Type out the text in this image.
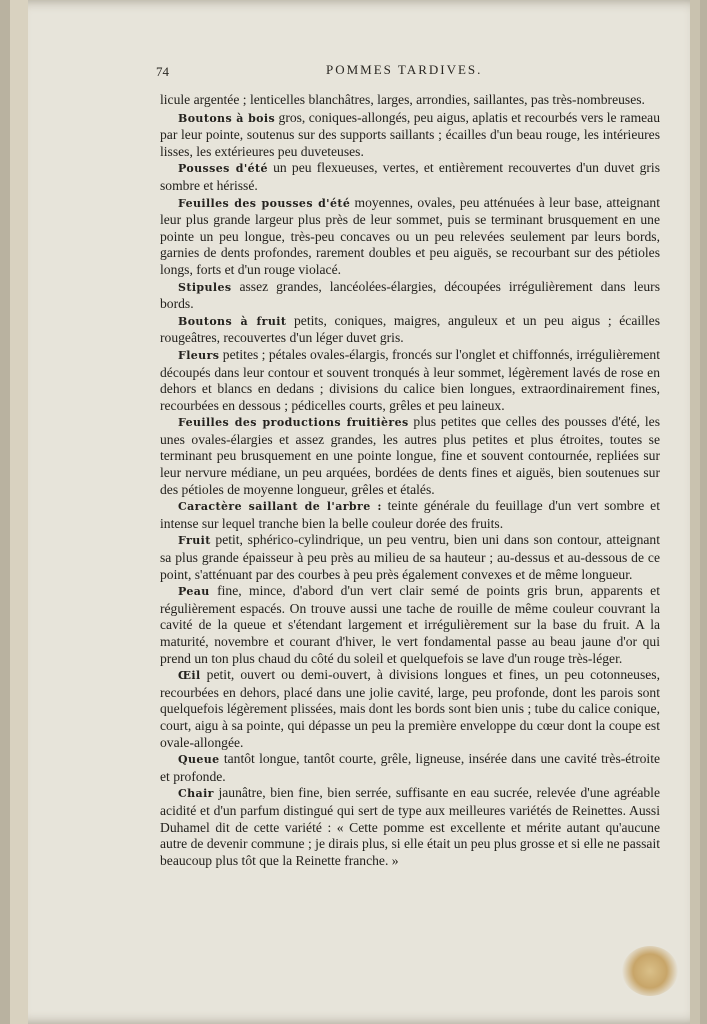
74	POMMES TARDIVES.

licule argentée ; lenticelles blanchâtres, larges, arrondies, saillantes, pas très-nombreuses.

Boutons à bois gros, coniques-allongés, peu aigus, aplatis et recourbés vers le rameau par leur pointe, soutenus sur des supports saillants ; écailles d'un beau rouge, les intérieures lisses, les extérieures peu duveteuses.

Pousses d'été un peu flexueuses, vertes, et entièrement recouvertes d'un duvet gris sombre et hérissé.

Feuilles des pousses d'été moyennes, ovales, peu atténuées à leur base, atteignant leur plus grande largeur plus près de leur sommet, puis se terminant brusquement en une pointe un peu longue, très-peu concaves ou un peu relevées seulement par leurs bords, garnies de dents profondes, rarement doubles et peu aiguës, se recourbant sur des pétioles longs, forts et d'un rouge violacé.

Stipules assez grandes, lancéolées-élargies, découpées irrégulièrement dans leurs bords.

Boutons à fruit petits, coniques, maigres, anguleux et un peu aigus ; écailles rougeâtres, recouvertes d'un léger duvet gris.

Fleurs petites ; pétales ovales-élargis, froncés sur l'onglet et chiffonnés, irrégulièrement découpés dans leur contour et souvent tronqués à leur sommet, légèrement lavés de rose en dehors et blancs en dedans ; divisions du calice bien longues, extraordinairement fines, recourbées en dessous ; pédicelles courts, grêles et peu laineux.

Feuilles des productions fruitières plus petites que celles des pousses d'été, les unes ovales-élargies et assez grandes, les autres plus petites et plus étroites, toutes se terminant peu brusquement en une pointe longue, fine et souvent contournée, repliées sur leur nervure médiane, un peu arquées, bordées de dents fines et aiguës, bien soutenues sur des pétioles de moyenne longueur, grêles et étalés.

Caractère saillant de l'arbre : teinte générale du feuillage d'un vert sombre et intense sur lequel tranche bien la belle couleur dorée des fruits.

Fruit petit, sphérico-cylindrique, un peu ventru, bien uni dans son contour, atteignant sa plus grande épaisseur à peu près au milieu de sa hauteur ; au-dessus et au-dessous de ce point, s'atténuant par des courbes à peu près également convexes et de même longueur.

Peau fine, mince, d'abord d'un vert clair semé de points gris brun, apparents et régulièrement espacés. On trouve aussi une tache de rouille de même couleur couvrant la cavité de la queue et s'étendant largement et irrégulièrement sur la base du fruit. A la maturité, novembre et courant d'hiver, le vert fondamental passe au beau jaune d'or qui prend un ton plus chaud du côté du soleil et quelquefois se lave d'un rouge très-léger.

Œil petit, ouvert ou demi-ouvert, à divisions longues et fines, un peu cotonneuses, recourbées en dehors, placé dans une jolie cavité, large, peu profonde, dont les parois sont quelquefois légèrement plissées, mais dont les bords sont bien unis ; tube du calice conique, court, aigu à sa pointe, qui dépasse un peu la première enveloppe du cœur dont la coupe est ovale-allongée.

Queue tantôt longue, tantôt courte, grêle, ligneuse, insérée dans une cavité très-étroite et profonde.

Chair jaunâtre, bien fine, bien serrée, suffisante en eau sucrée, relevée d'une agréable acidité et d'un parfum distingué qui sert de type aux meilleures variétés de Reinettes. Aussi Duhamel dit de cette variété : « Cette pomme est excellente et mérite autant qu'aucune autre de devenir commune ; je dirais plus, si elle était un peu plus grosse et si elle ne passait beaucoup plus tôt que la Reinette franche. »
